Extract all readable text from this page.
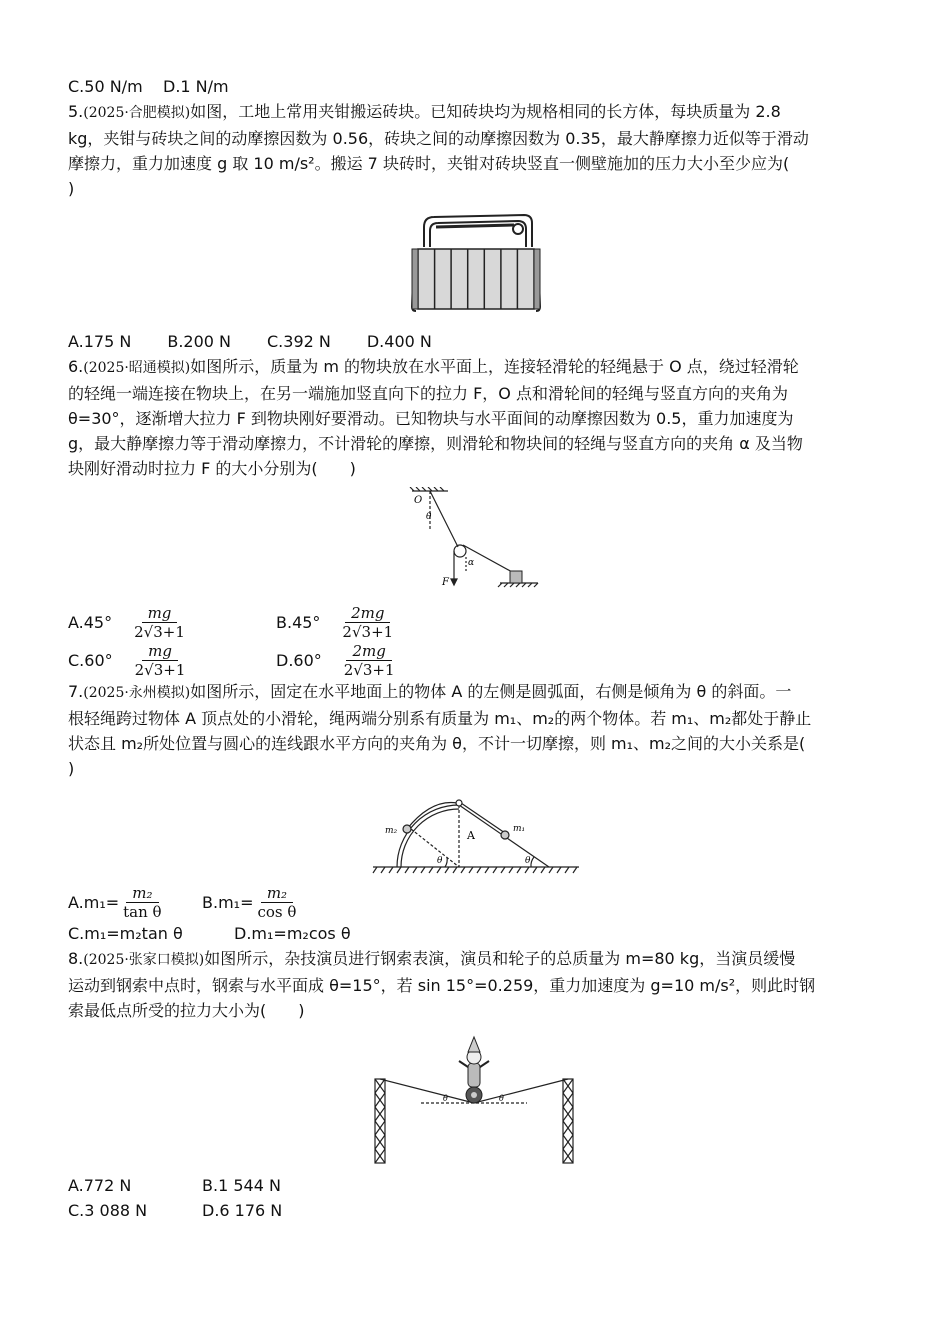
C.50 N/m D.1 N/m
5.(2025·合肥模拟)如图，工地上常用夹钳搬运砖块。已知砖块均为规格相同的长方体，每块质量为 2.8
kg，夹钳与砖块之间的动摩擦因数为 0.56，砖块之间的动摩擦因数为 0.35，最大静摩擦力近似等于滑动
摩擦力，重力加速度 g 取 10 m/s²。搬运 7 块砖时，夹钳对砖块竖直一侧壁施加的压力大小至少应为(
)
A.175 N B.200 N C.392 N D.400 N
6.(2025·昭通模拟)如图所示，质量为 m 的物块放在水平面上，连接轻滑轮的轻绳悬于 O 点，绕过轻滑轮
的轻绳一端连接在物块上，在另一端施加竖直向下的拉力 F，O 点和滑轮间的轻绳与竖直方向的夹角为
θ=30°，逐渐增大拉力 F 到物块刚好要滑动。已知物块与水平面间的动摩擦因数为 0.5，重力加速度为
g，最大静摩擦力等于滑动摩擦力，不计滑轮的摩擦，则滑轮和物块间的轻绳与竖直方向的夹角 α 及当物
块刚好滑动时拉力 F 的大小分别为(　　)
O
θ
α
F
$A.45^\circ \frac{mg}{2√3+1}$	$B.45^\circ \frac{2mg}{2√3+1}$
$C.60^\circ \frac{mg}{2√3+1}$	$D.60^\circ \frac{2mg}{2√3+1}$
7.(2025·永州模拟)如图所示，固定在水平地面上的物体 A 的左侧是圆弧面，右侧是倾角为 θ 的斜面。一
根轻绳跨过物体 A 顶点处的小滑轮，绳两端分别系有质量为 m₁、m₂的两个物体。若 m₁、m₂都处于静止
状态且 m₂所处位置与圆心的连线跟水平方向的夹角为 θ，不计一切摩擦，则 m₁、m₂之间的大小关系是(
)
m₂	m₁
A
θ	θ
$A.m_1= \frac{\text{m₂}}{\text{tan θ}} B.m_1= \frac{\text{m₂}}{\text{cos θ}}$
C.m₁=m₂tan θ	D.m₁=m₂cos θ
8.(2025·张家口模拟)如图所示，杂技演员进行钢索表演，演员和轮子的总质量为 m=80 kg，当演员缓慢
运动到钢索中点时，钢索与水平面成 θ=15°，若 sin 15°=0.259，重力加速度为 g=10 m/s²，则此时钢
索最低点所受的拉力大小为(　　)
θ	θ
A.772 N	B.1 544 N
C.3 088 N	D.6 176 N
